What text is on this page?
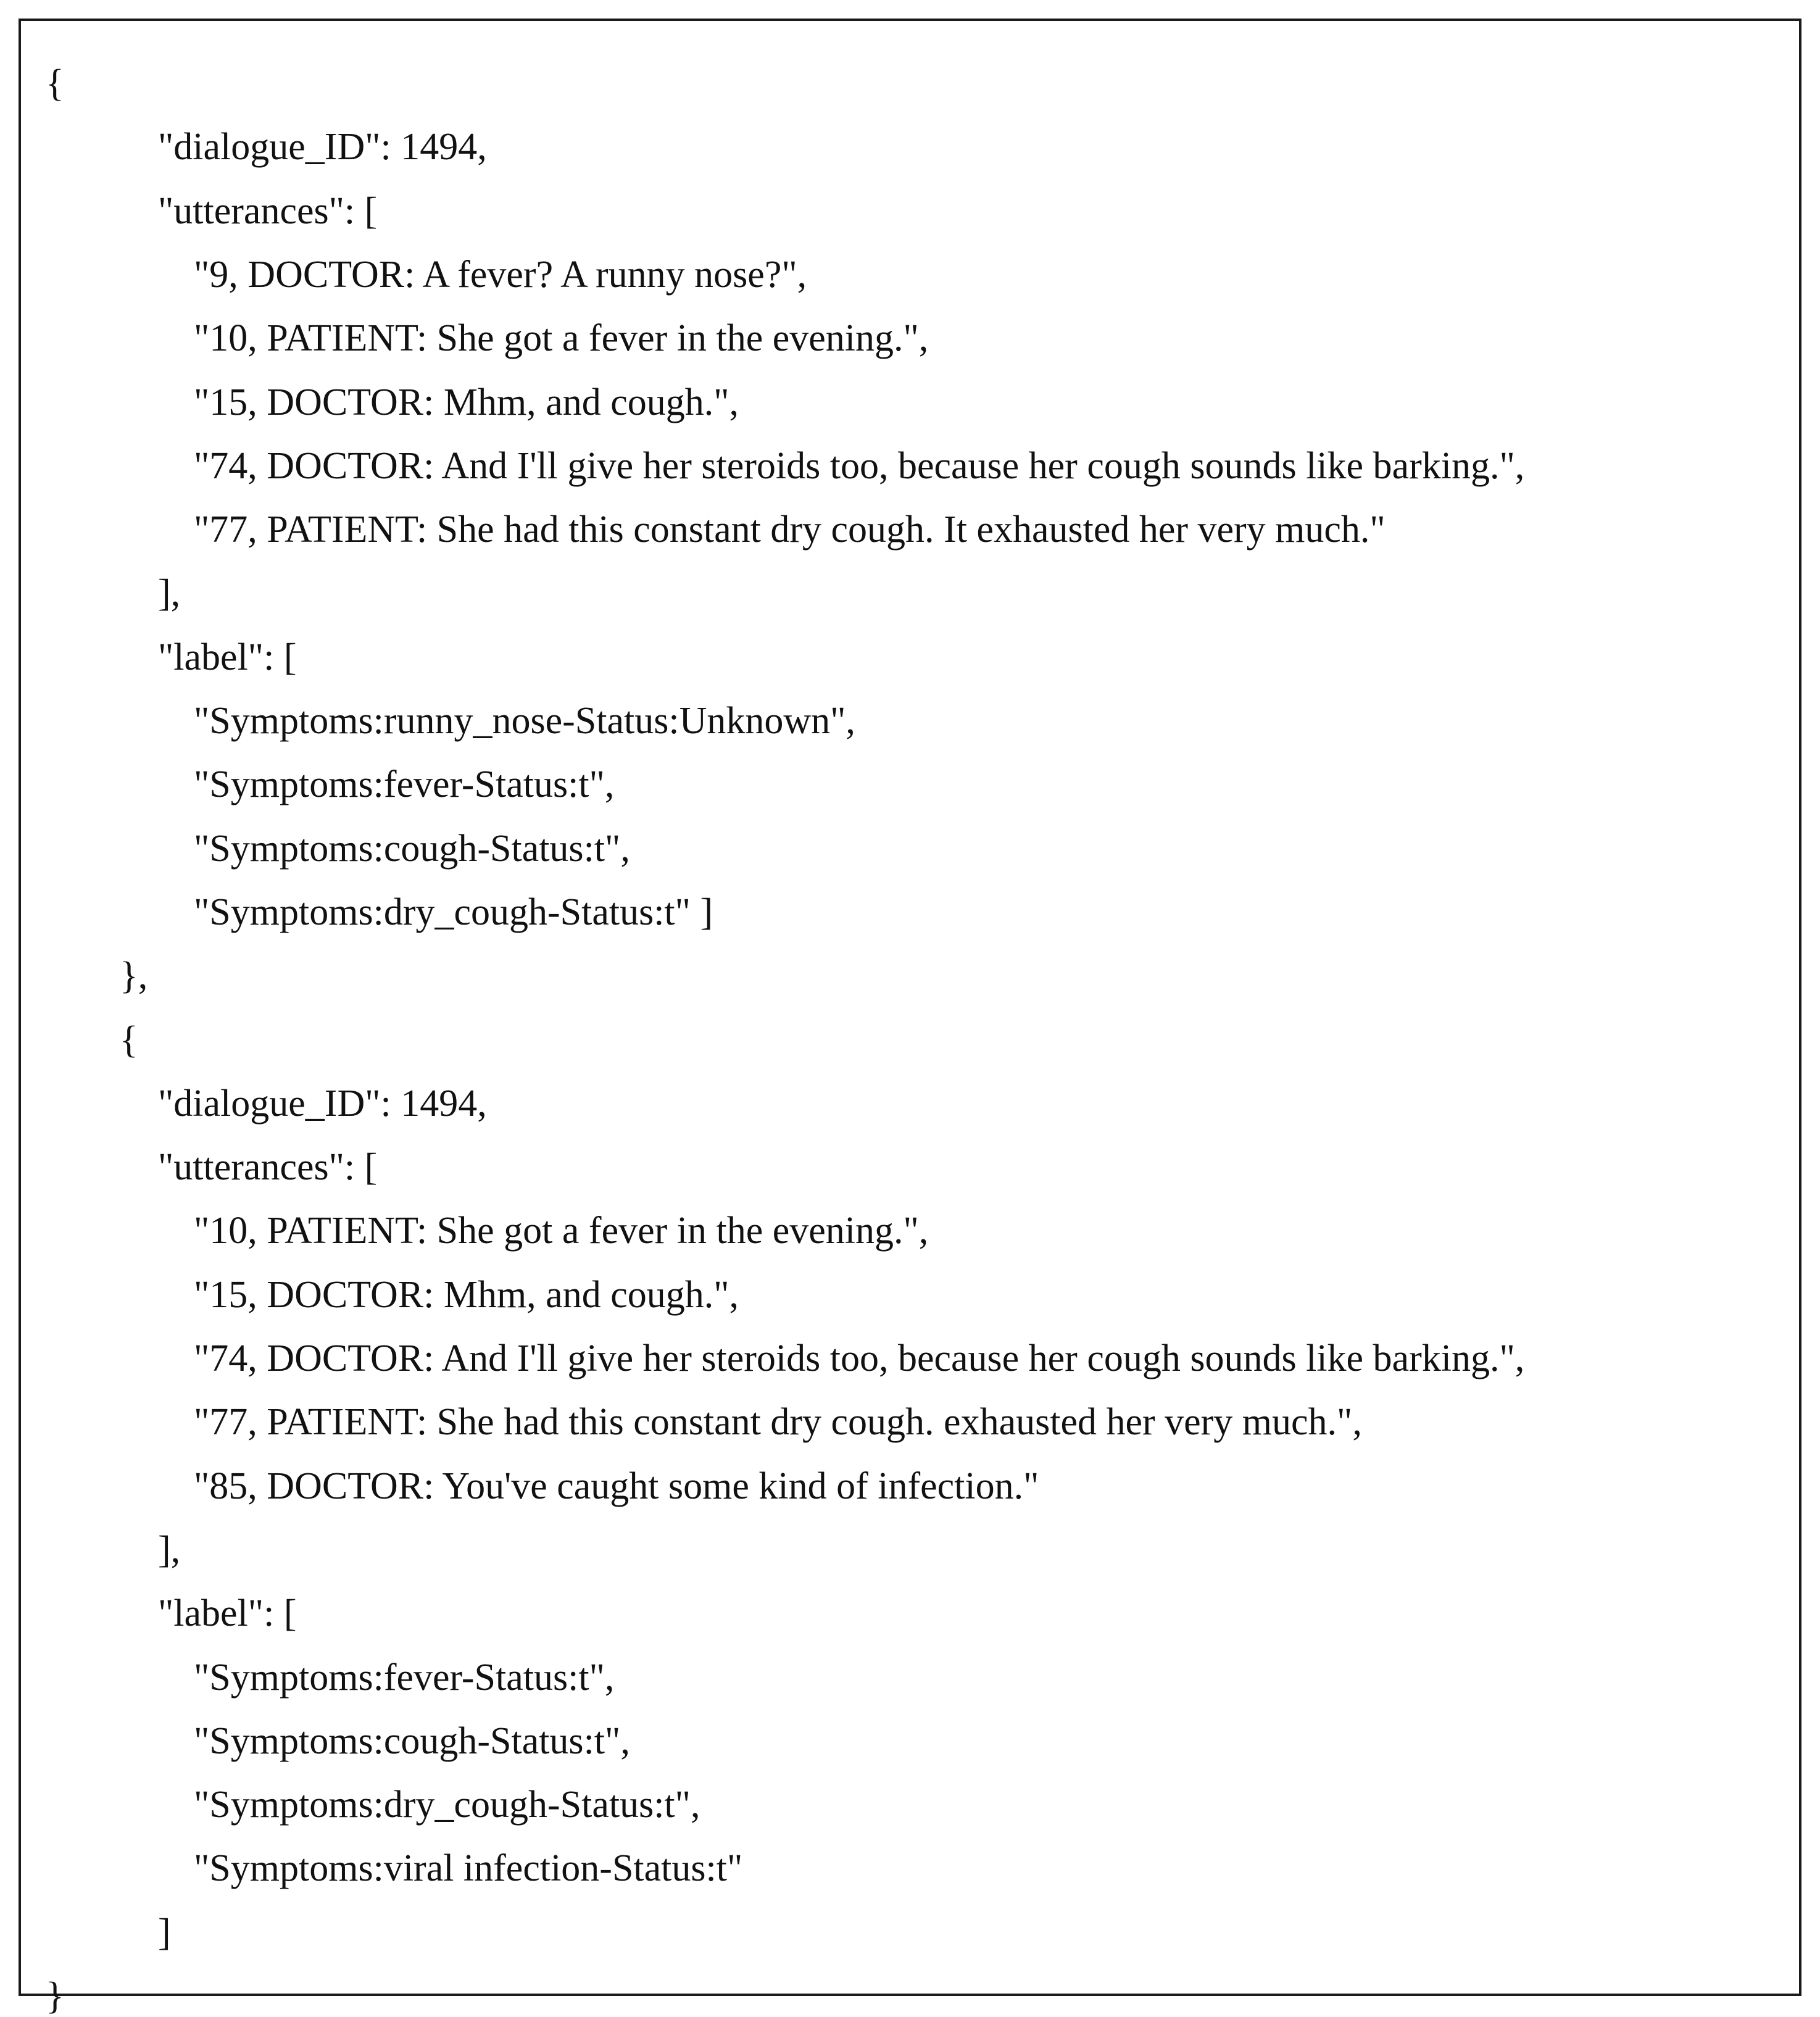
{
"dialogue_ID": 1494,
"utterances": [
"9, DOCTOR: A fever? A runny nose?",
"10, PATIENT: She got a fever in the evening.",
"15, DOCTOR: Mhm, and cough.",
"74, DOCTOR: And I'll give her steroids too, because her cough sounds like barking.",
"77, PATIENT: She had this constant dry cough. It exhausted her very much."
],
"label": [
"Symptoms:runny_nose-Status:Unknown",
"Symptoms:fever-Status:t",
"Symptoms:cough-Status:t",
"Symptoms:dry_cough-Status:t" ]
},
{
"dialogue_ID": 1494,
"utterances": [
"10, PATIENT: She got a fever in the evening.",
"15, DOCTOR: Mhm, and cough.",
"74, DOCTOR: And I'll give her steroids too, because her cough sounds like barking.",
"77, PATIENT: She had this constant dry cough. exhausted her very much.",
"85, DOCTOR: You've caught some kind of infection."
],
"label": [
"Symptoms:fever-Status:t",
"Symptoms:cough-Status:t",
"Symptoms:dry_cough-Status:t",
"Symptoms:viral infection-Status:t"
]
}
